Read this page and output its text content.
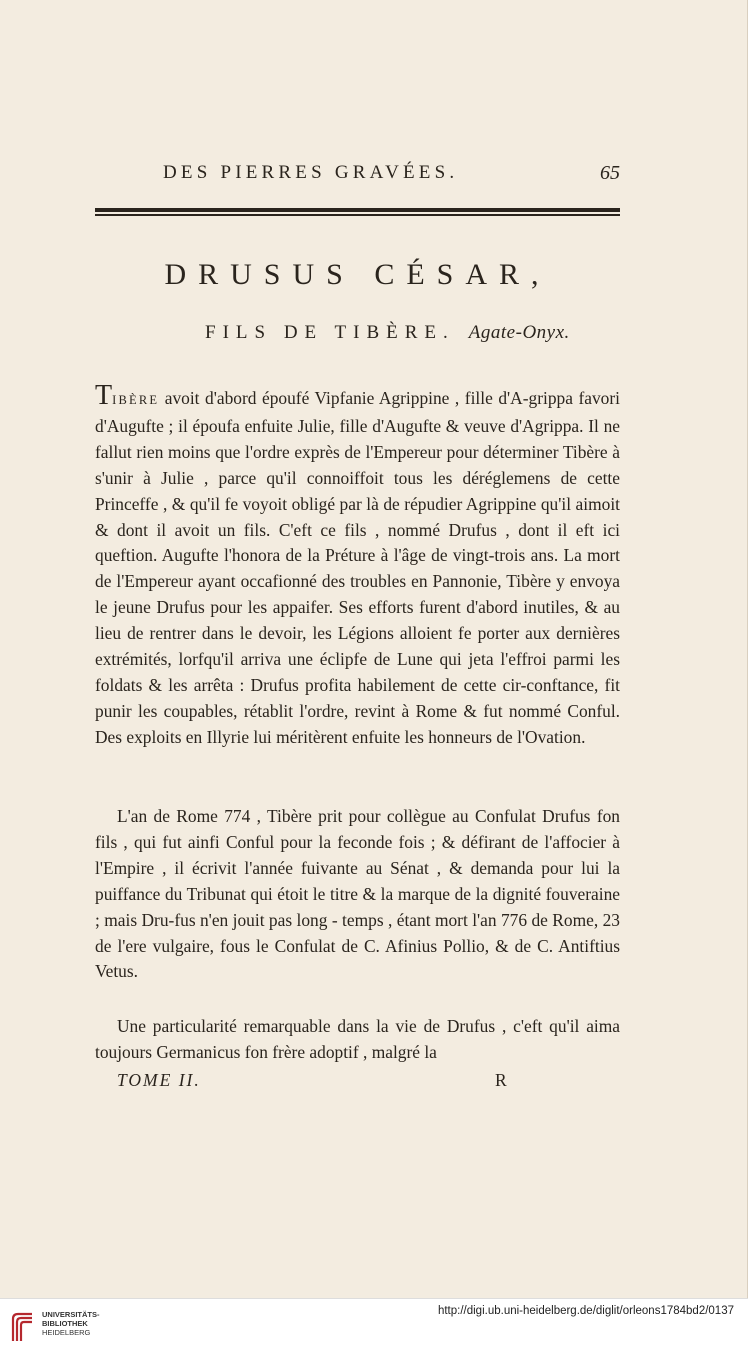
DES PIERRES GRAVÉES.	65
DRUSUS CÉSAR,
FILS DE TIBÈRE. Agate-Onyx.

TIBÈRE avoit d'abord époufé Vipfanie Agrippine , fille d'A-grippa favori d'Augufte ; il époufa enfuite Julie, fille d'Augufte & veuve d'Agrippa. Il ne fallut rien moins que l'ordre exprès de l'Empereur pour déterminer Tibère à s'unir à Julie , parce qu'il connoiffoit tous les déréglemens de cette Princeffe , & qu'il fe voyoit obligé par là de répudier Agrippine qu'il aimoit & dont il avoit un fils. C'eft ce fils , nommé Drufus , dont il eft ici queftion. Augufte l'honora de la Préture à l'âge de vingt-trois ans. La mort de l'Empereur ayant occafionné des troubles en Pannonie, Tibère y envoya le jeune Drufus pour les appaifer. Ses efforts furent d'abord inutiles, & au lieu de rentrer dans le devoir, les Légions alloient fe porter aux dernières extrémités, lorfqu'il arriva une éclipfe de Lune qui jeta l'effroi parmi les foldats & les arrêta : Drufus profita habilement de cette cir-conftance, fit punir les coupables, rétablit l'ordre, revint à Rome & fut nommé Conful. Des exploits en Illyrie lui méritèrent enfuite les honneurs de l'Ovation.

L'an de Rome 774 , Tibère prit pour collègue au Confulat Drufus fon fils , qui fut ainfi Conful pour la feconde fois ; & défirant de l'affocier à l'Empire , il écrivit l'année fuivante au Sénat , & demanda pour lui la puiffance du Tribunat qui étoit le titre & la marque de la dignité fouveraine ; mais Dru-fus n'en jouit pas long - temps , étant mort l'an 776 de Rome, 23 de l'ere vulgaire, fous le Confulat de C. Afinius Pollio, & de C. Antiftius Vetus.

Une particularité remarquable dans la vie de Drufus , c'eft qu'il aima toujours Germanicus fon frère adoptif , malgré la

TOME II.	R
UNIVERSITÄTS-
BIBLIOTHEK
HEIDELBERG
http://digi.ub.uni-heidelberg.de/diglit/orleons1784bd2/0137
